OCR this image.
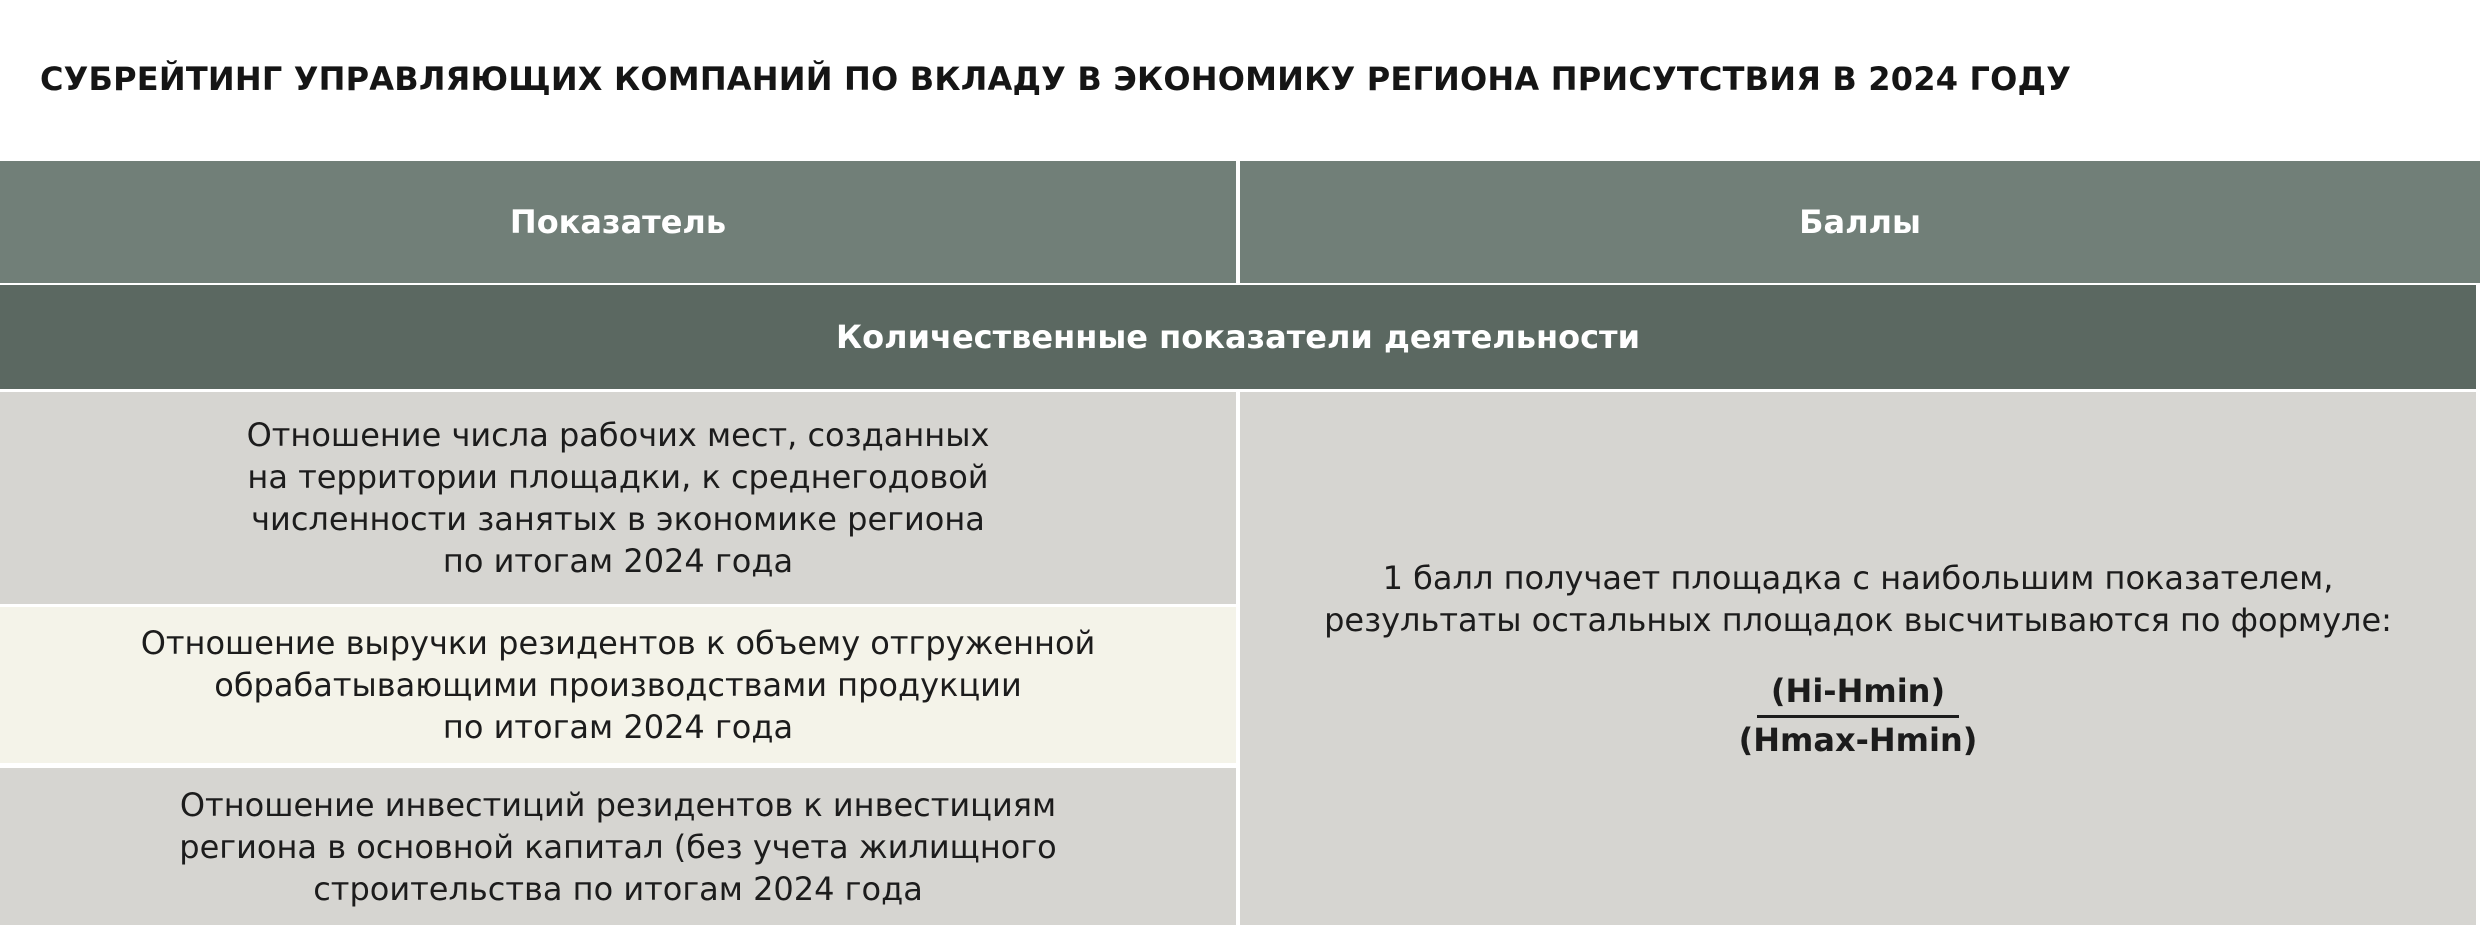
СУБРЕЙТИНГ УПРАВЛЯЮЩИХ КОМПАНИЙ ПО ВКЛАДУ В ЭКОНОМИКУ РЕГИОНА ПРИСУТСТВИЯ В 2024 ГОДУ
Показатель	Баллы
Количественные показатели деятельности
Отношение числа рабочих мест, созданных
на территории площадки, к среднегодовой
численности занятых в экономике региона
по итогам 2024 года
Отношение выручки резидентов к объему отгруженной
обрабатывающими производствами продукции
по итогам 2024 года
Отношение инвестиций резидентов к инвестициям
региона в основной капитал (без учета жилищного
строительства по итогам 2024 года
1 балл получает площадка с наибольшим показателем,
результаты остальных площадок высчитываются по формуле:
$\frac{(Hi-Hmin)}{(Hmax-Hmin)}$
